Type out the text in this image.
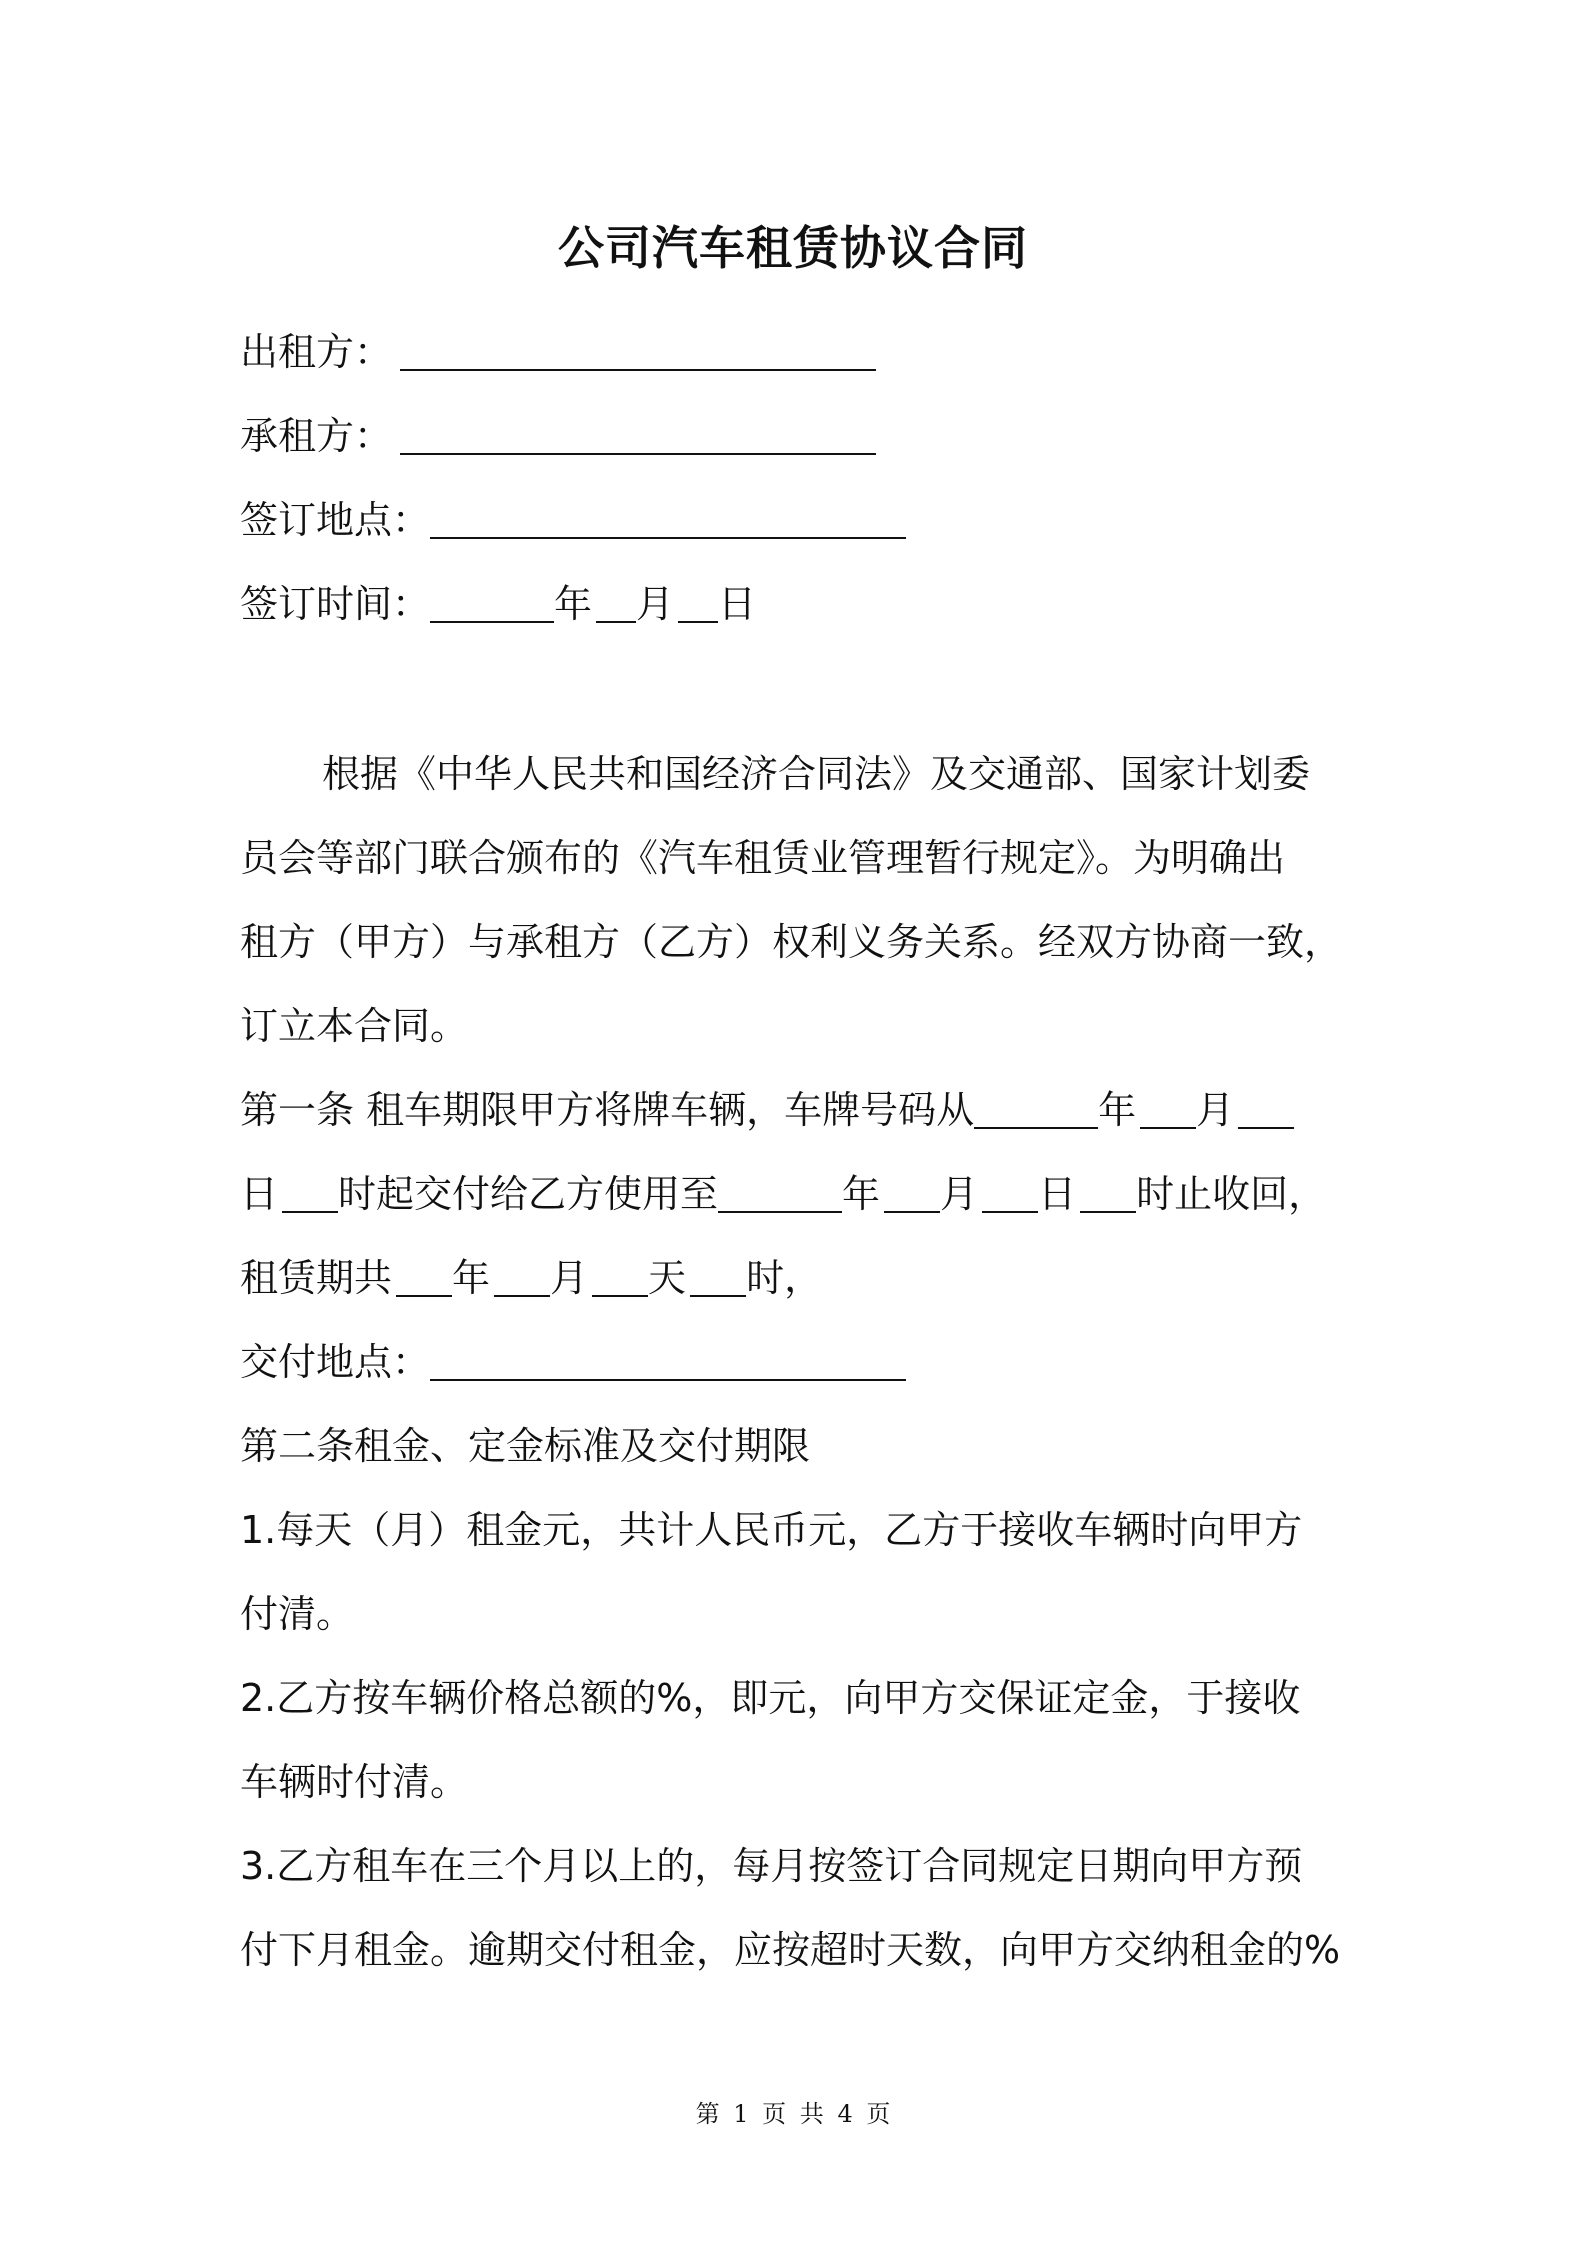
公司汽车租赁协议合同
出租方：
承租方：
签订地点：
签订时间：	年 月 日
根据《中华人民共和国经济合同法》及交通部、国家计划委
员会等部门联合颁布的《汽车租赁业管理暂行规定》。为明确出
租方（甲方）与承租方（乙方）权利义务关系。经双方协商一致，
订立本合同。
第一条 租车期限甲方将牌车辆，车牌号码从	年 月
日 时起交付给乙方使用至	年 月 日 时止收回，
租赁期共 年 月 天 时，
交付地点：
第二条租金、定金标准及交付期限
1.每天（月）租金元，共计人民币元，乙方于接收车辆时向甲方
付清。
2.乙方按车辆价格总额的%，即元，向甲方交保证定金，于接收
车辆时付清。
3.乙方租车在三个月以上的，每月按签订合同规定日期向甲方预
付下月租金。逾期交付租金，应按超时天数，向甲方交纳租金的%
第 1 页 共 4 页
